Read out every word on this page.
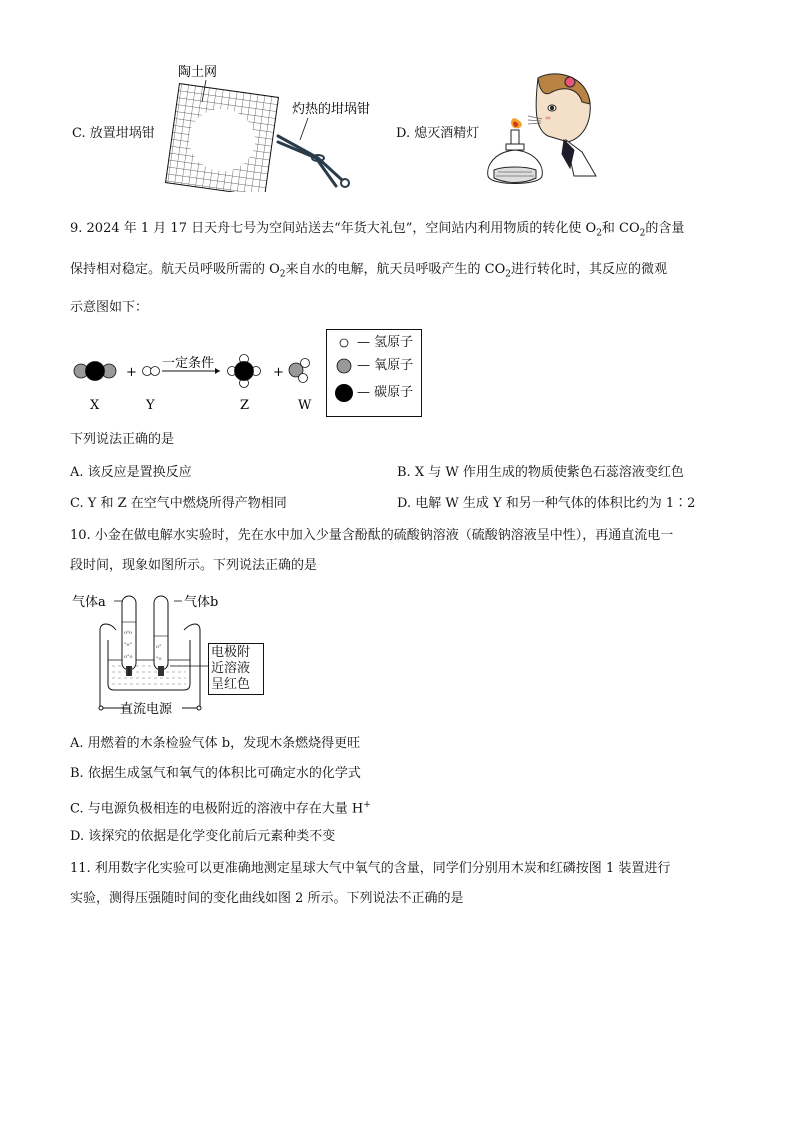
C. 放置坩埚钳
陶土网
灼热的坩埚钳
D. 熄灭酒精灯
9. 2024 年 1 月 17 日天舟七号为空间站送去“年货大礼包”，空间站内利用物质的转化使 $O_2$和 $CO_2$的含量
保持相对稳定。航天员呼吸所需的 $O_2$来自水的电解，航天员呼吸产生的 $CO_2$进行转化时，其反应的微观
示意图如下：
X
+
Y
一定条件
Z
+
W
— 氢原子
— 氧原子
— 碳原子
下列说法正确的是
A. 该反应是置换反应	B. X 与 W 作用生成的物质使紫色石蕊溶液变红色
C. Y 和 Z 在空气中燃烧所得产物相同	D. 电解 W 生成 Y 和另一种气体的体积比约为 1∶2
10. 小金在做电解水实验时，先在水中加入少量含酚酞的硫酸钠溶液（硫酸钠溶液呈中性），再通直流电一
段时间，现象如图所示。下列说法正确的是
气体a	气体b
o⁰o
°o°
o°o
o°
°o
直流电源
电极附
近溶液
呈红色
A. 用燃着的木条检验气体 b，发现木条燃烧得更旺
B. 依据生成氢气和氧气的体积比可确定水的化学式
C. 与电源负极相连的电极附近的溶液中存在大量 H+
D. 该探究的依据是化学变化前后元素种类不变
11. 利用数字化实验可以更准确地测定星球大气中氧气的含量，同学们分别用木炭和红磷按图 1 装置进行
实验，测得压强随时间的变化曲线如图 2 所示。下列说法不正确的是
